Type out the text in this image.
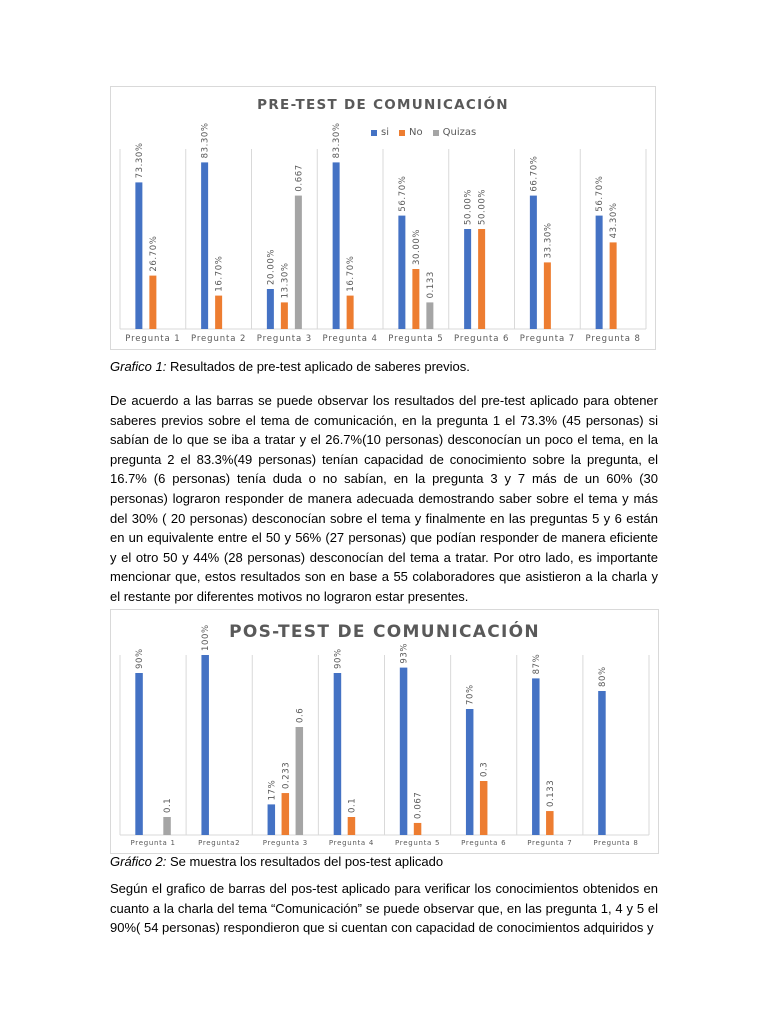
PRE-TEST DE COMUNICACIÓN
si No Quizas
Pregunta 1
73.30%
26.70%
Pregunta 2
83.30%
16.70%
Pregunta 3
20.00% 13.30%
0.667
Pregunta 4
83.30%
16.70%
Pregunta 5
56.70%
30.00%
0.133
Pregunta 6
50.00% 50.00%
Pregunta 7
66.70%
33.30%
Pregunta 8
56.70%
43.30%
Grafico 1: Resultados de pre-test aplicado de saberes previos.

De acuerdo a las barras se puede observar los resultados del pre-test aplicado para obtener saberes previos sobre el tema de comunicación, en la pregunta 1 el 73.3% (45 personas) si sabían de lo que se iba a tratar y el 26.7%(10 personas) desconocían un poco el tema, en la pregunta 2 el 83.3%(49 personas) tenían capacidad de conocimiento sobre la pregunta, el 16.7% (6 personas) tenía duda o no sabían, en la pregunta 3 y 7 más de un 60% (30 personas) lograron responder de manera adecuada demostrando saber sobre el tema y más del 30% ( 20 personas) desconocían sobre el tema y finalmente en las preguntas 5 y 6 están en un equivalente entre el 50 y 56% (27 personas) que podían responder de manera eficiente y el otro 50 y 44% (28 personas) desconocían del tema a tratar. Por otro lado, es importante mencionar que, estos resultados son en base a 55 colaboradores que asistieron a la charla y el restante por diferentes motivos no lograron estar presentes.

POS-TEST DE COMUNICACIÓN
Pregunta 1
90%
0.1
Pregunta2
100%
Pregunta 3
17%
0.233
0.6
Pregunta 4
90%
0.1
Pregunta 5
93%
0.067
Pregunta 6
70%
0.3
Pregunta 7
87%
0.133
Pregunta 8
80%
Gráfico 2: Se muestra los resultados del pos-test aplicado

Según el grafico de barras del pos-test aplicado para verificar los conocimientos obtenidos en cuanto a la charla del tema “Comunicación” se puede observar que, en las pregunta 1, 4 y 5 el 90%( 54 personas) respondieron que si cuentan con capacidad de conocimientos adquiridos y
